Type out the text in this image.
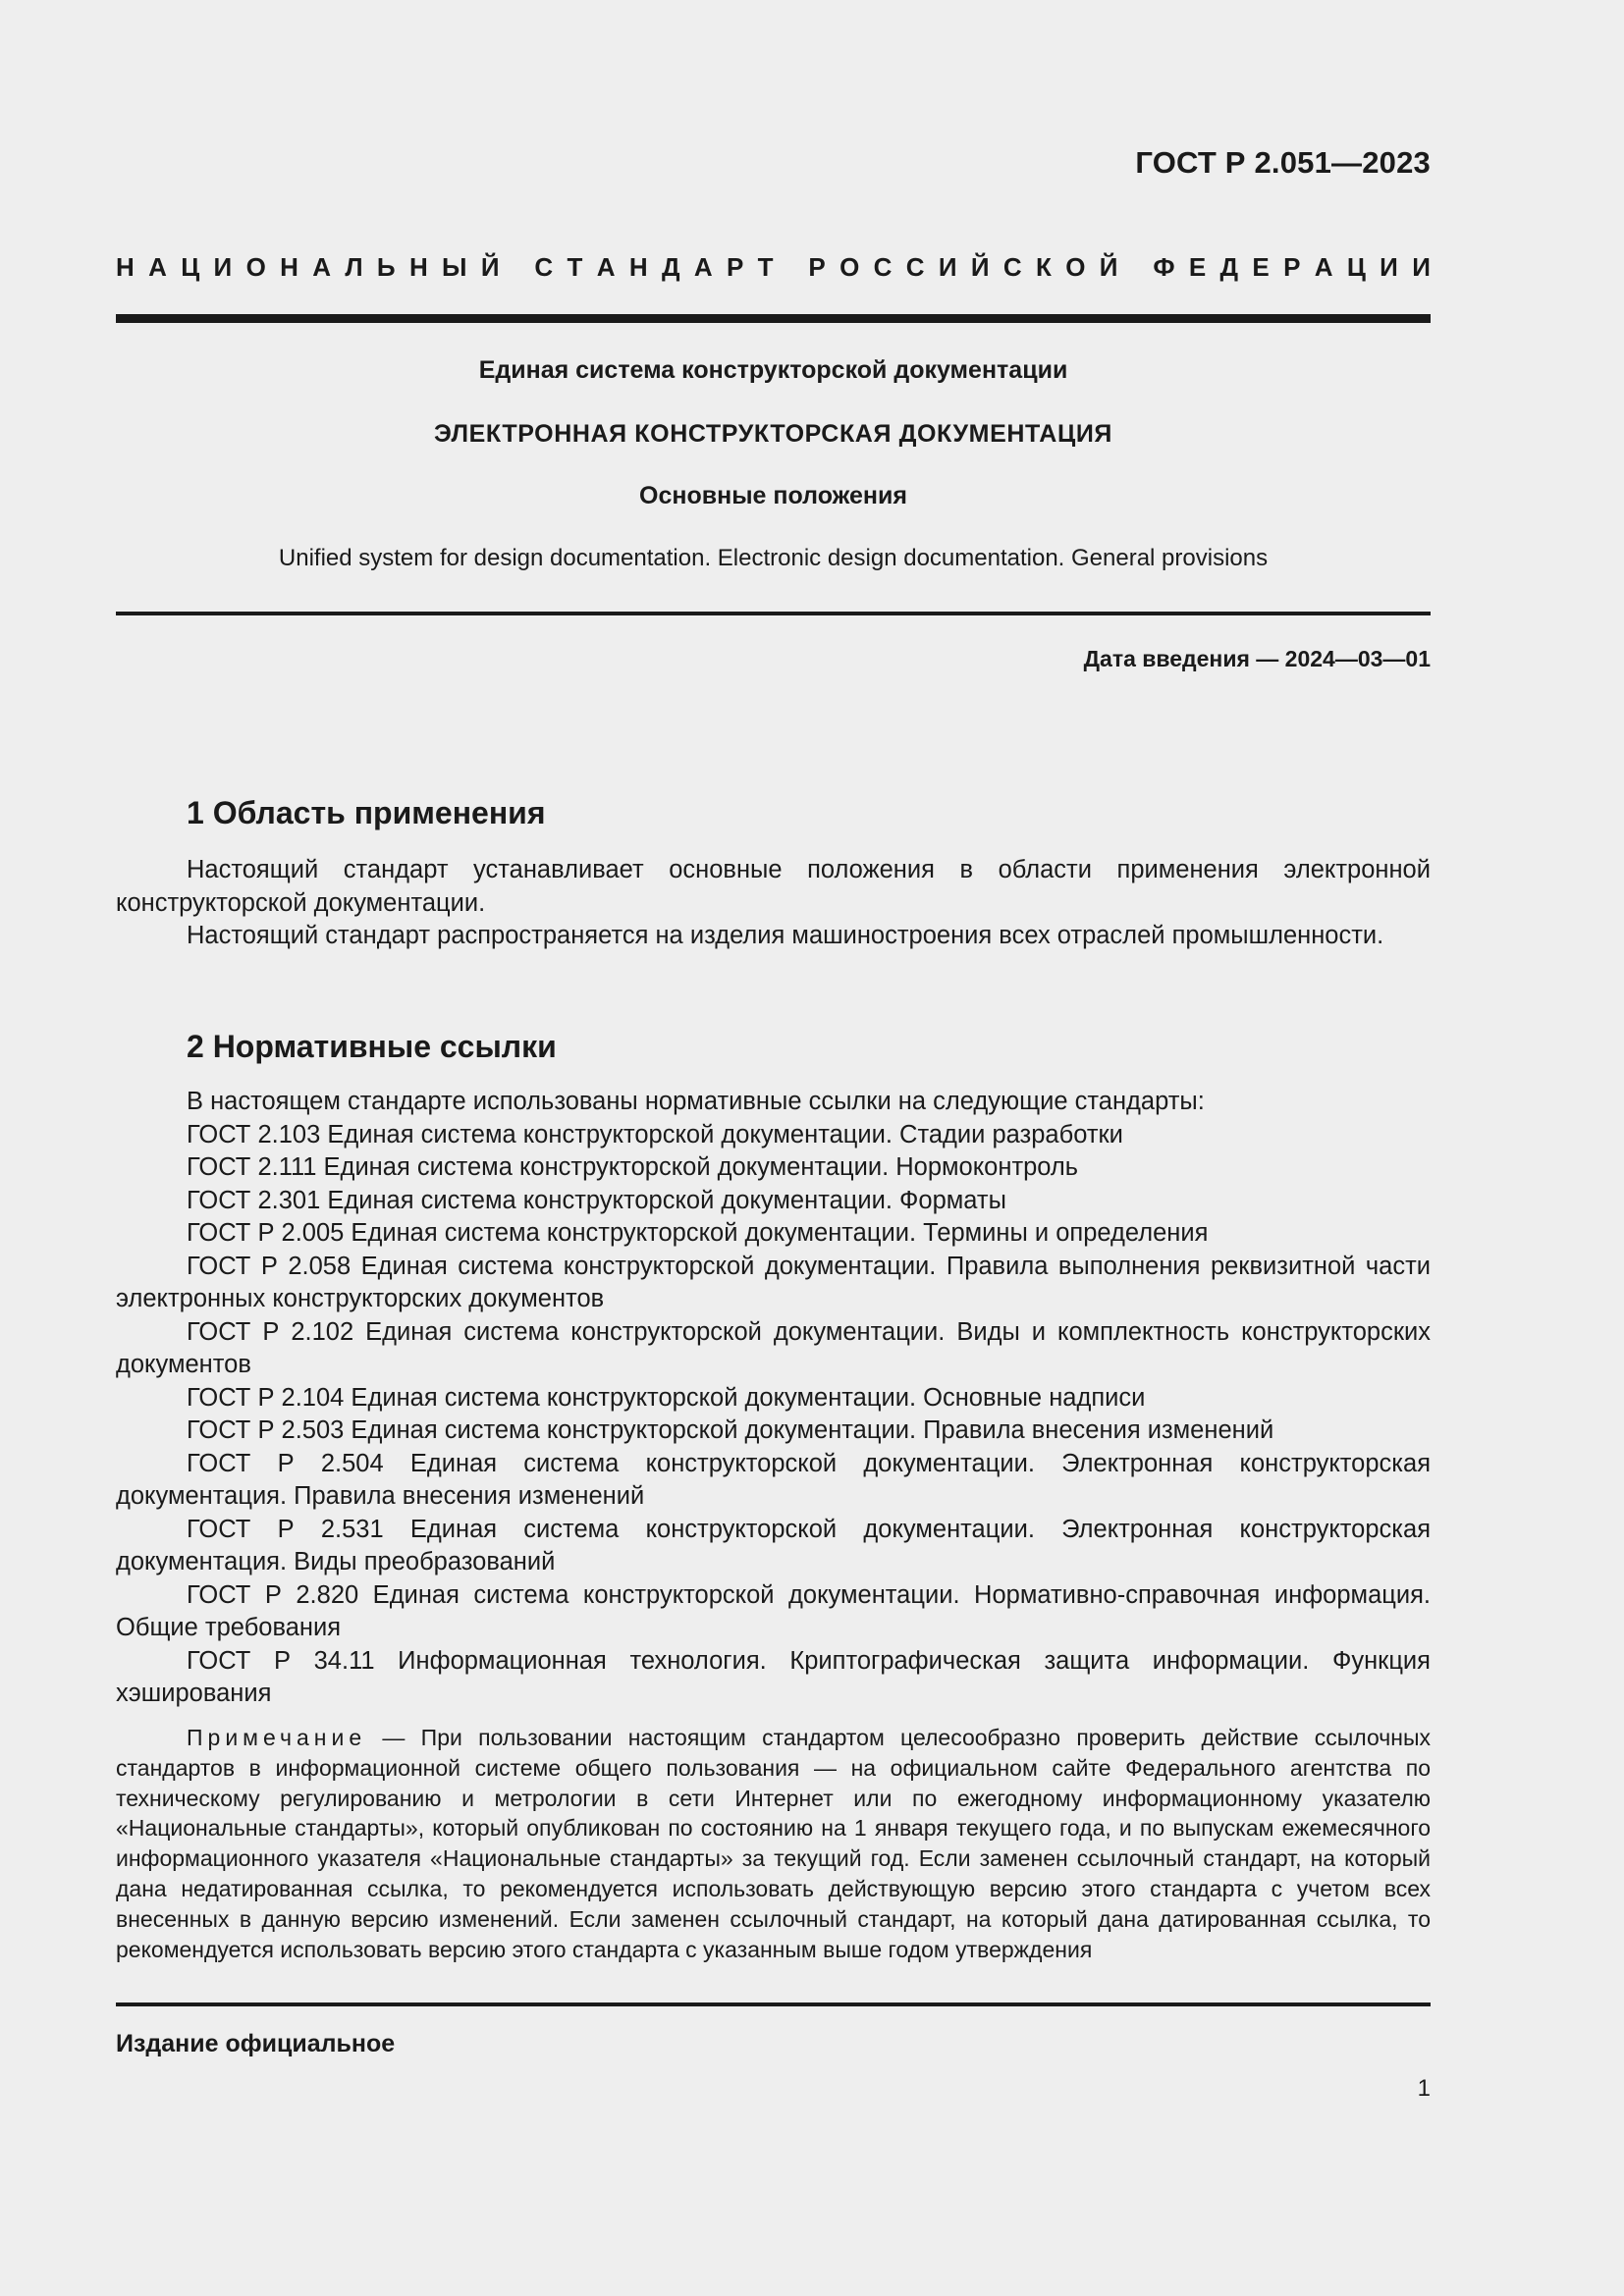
ГОСТ Р 2.051—2023
Н А Ц И О Н А Л Ь Н Ы Й
С Т А Н Д А Р Т
Р О С С И Й С К О Й
Ф Е Д Е Р А Ц И И
Единая система конструкторской документации
ЭЛЕКТРОННАЯ КОНСТРУКТОРСКАЯ ДОКУМЕНТАЦИЯ
Основные положения
Unified system for design documentation. Electronic design documentation. General provisions
Дата введения — 2024—03—01
1 Область применения

Настоящий стандарт устанавливает основные положения в области применения электронной конструкторской документации.

Настоящий стандарт распространяется на изделия машиностроения всех отраслей промышленности.

2 Нормативные ссылки

В настоящем стандарте использованы нормативные ссылки на следующие стандарты:

ГОСТ 2.103 Единая система конструкторской документации. Стадии разработки

ГОСТ 2.111 Единая система конструкторской документации. Нормоконтроль

ГОСТ 2.301 Единая система конструкторской документации. Форматы

ГОСТ Р 2.005 Единая система конструкторской документации. Термины и определения

ГОСТ Р 2.058 Единая система конструкторской документации. Правила выполнения реквизитной части электронных конструкторских документов

ГОСТ Р 2.102 Единая система конструкторской документации. Виды и комплектность конструкторских документов

ГОСТ Р 2.104 Единая система конструкторской документации. Основные надписи

ГОСТ Р 2.503 Единая система конструкторской документации. Правила внесения изменений

ГОСТ Р 2.504 Единая система конструкторской документации. Электронная конструкторская документация. Правила внесения изменений

ГОСТ Р 2.531 Единая система конструкторской документации. Электронная конструкторская документация. Виды преобразований

ГОСТ Р 2.820 Единая система конструкторской документации. Нормативно-справочная информация. Общие требования

ГОСТ Р 34.11 Информационная технология. Криптографическая защита информации. Функция хэширования

Примечание — При пользовании настоящим стандартом целесообразно проверить действие ссылочных стандартов в информационной системе общего пользования — на официальном сайте Федерального агентства по техническому регулированию и метрологии в сети Интернет или по ежегодному информационному указателю «Национальные стандарты», который опубликован по состоянию на 1 января текущего года, и по выпускам ежемесячного информационного указателя «Национальные стандарты» за текущий год. Если заменен ссылочный стандарт, на который дана недатированная ссылка, то рекомендуется использовать действующую версию этого стандарта с учетом всех внесенных в данную версию изменений. Если заменен ссылочный стандарт, на который дана датированная ссылка, то рекомендуется использовать версию этого стандарта с указанным выше годом утверждения

Издание официальное
1
